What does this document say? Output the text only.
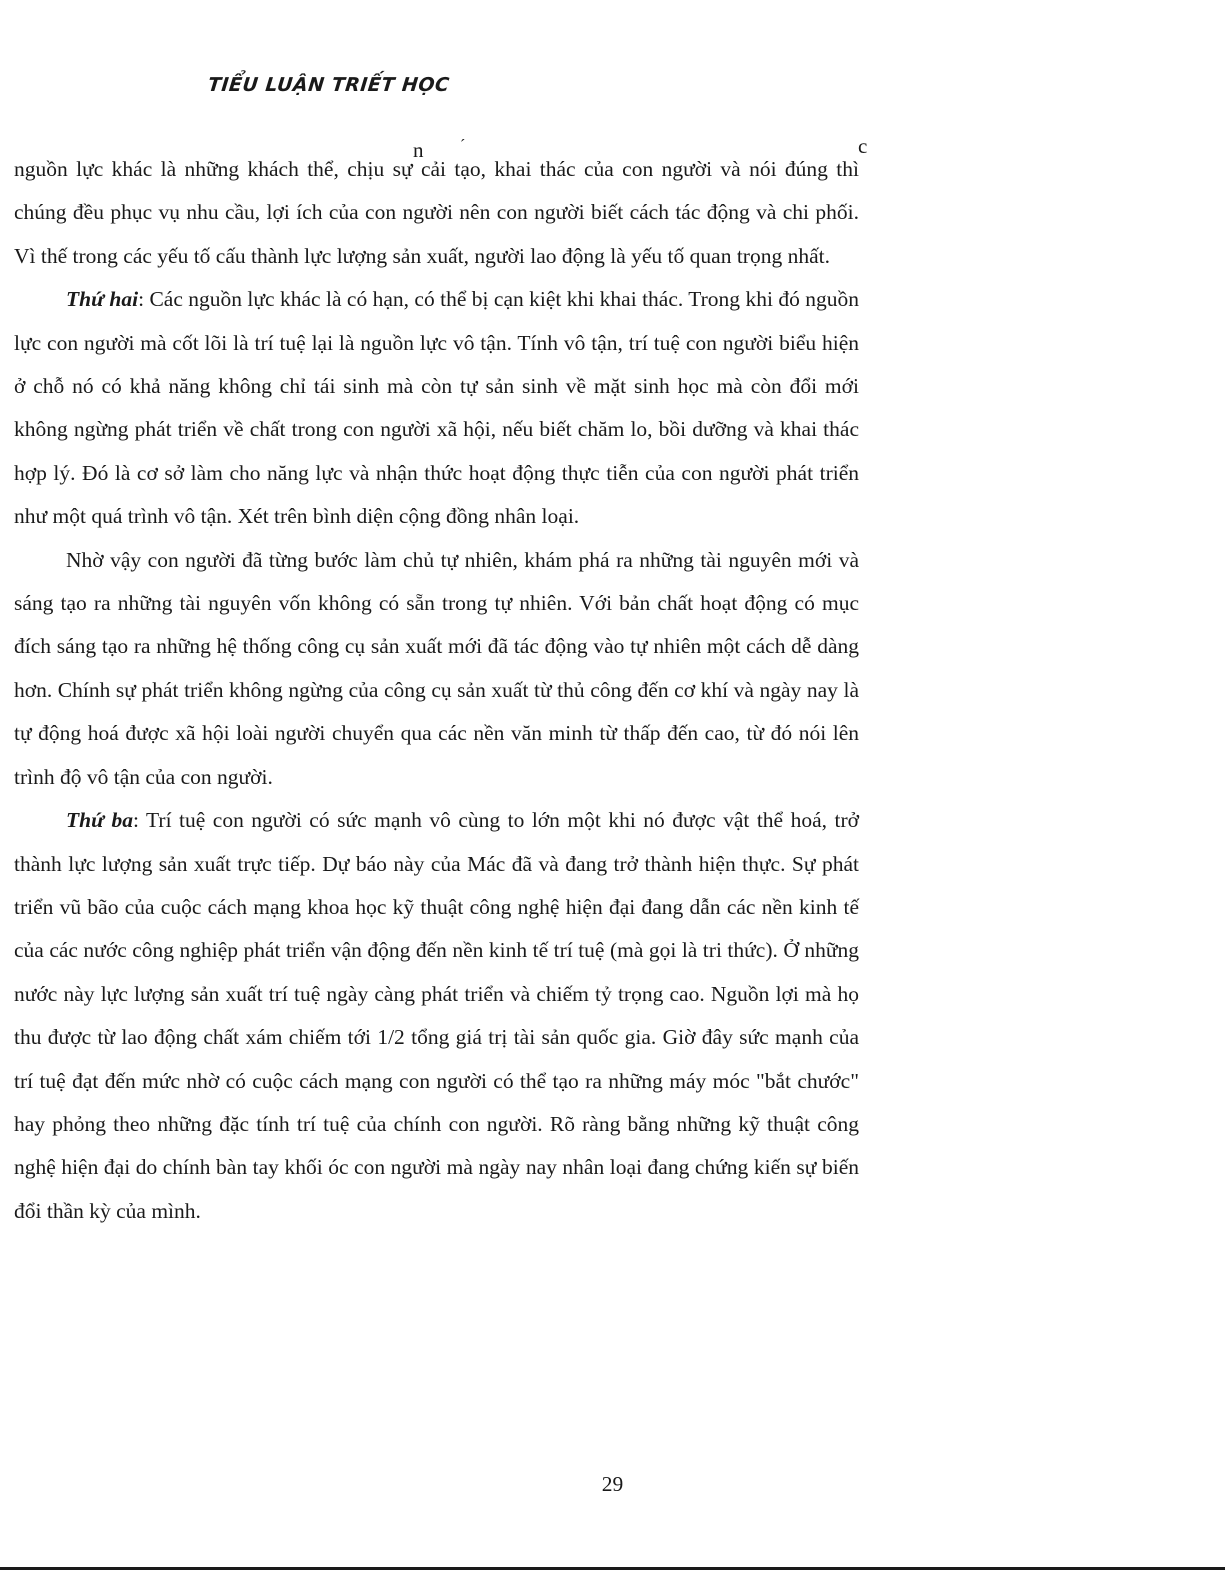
TIỂU LUẬN TRIẾT HỌC
n ´	c

nguồn lực khác là những khách thể, chịu sự cải tạo, khai thác của con người và nói đúng thì chúng đều phục vụ nhu cầu, lợi ích của con người nên con người biết cách tác động và chi phối. Vì thế trong các yếu tố cấu thành lực lượng sản xuất, người lao động là yếu tố quan trọng nhất.

Thứ hai: Các nguồn lực khác là có hạn, có thể bị cạn kiệt khi khai thác. Trong khi đó nguồn lực con người mà cốt lõi là trí tuệ lại là nguồn lực vô tận. Tính vô tận, trí tuệ con người biểu hiện ở chỗ nó có khả năng không chỉ tái sinh mà còn tự sản sinh về mặt sinh học mà còn đổi mới không ngừng phát triển về chất trong con người xã hội, nếu biết chăm lo, bồi dưỡng và khai thác hợp lý. Đó là cơ sở làm cho năng lực và nhận thức hoạt động thực tiễn của con người phát triển như một quá trình vô tận. Xét trên bình diện cộng đồng nhân loại.

Nhờ vậy con người đã từng bước làm chủ tự nhiên, khám phá ra những tài nguyên mới và sáng tạo ra những tài nguyên vốn không có sẵn trong tự nhiên. Với bản chất hoạt động có mục đích sáng tạo ra những hệ thống công cụ sản xuất mới đã tác động vào tự nhiên một cách dễ dàng hơn. Chính sự phát triển không ngừng của công cụ sản xuất từ thủ công đến cơ khí và ngày nay là tự động hoá được xã hội loài người chuyển qua các nền văn minh từ thấp đến cao, từ đó nói lên trình độ vô tận của con người.

Thứ ba: Trí tuệ con người có sức mạnh vô cùng to lớn một khi nó được vật thể hoá, trở thành lực lượng sản xuất trực tiếp. Dự báo này của Mác đã và đang trở thành hiện thực. Sự phát triển vũ bão của cuộc cách mạng khoa học kỹ thuật công nghệ hiện đại đang dẫn các nền kinh tế của các nước công nghiệp phát triển vận động đến nền kinh tế trí tuệ (mà gọi là tri thức). Ở những nước này lực lượng sản xuất trí tuệ ngày càng phát triển và chiếm tỷ trọng cao. Nguồn lợi mà họ thu được từ lao động chất xám chiếm tới 1/2 tổng giá trị tài sản quốc gia. Giờ đây sức mạnh của trí tuệ đạt đến mức nhờ có cuộc cách mạng con người có thể tạo ra những máy móc "bắt chước" hay phỏng theo những đặc tính trí tuệ của chính con người. Rõ ràng bằng những kỹ thuật công nghệ hiện đại do chính bàn tay khối óc con người mà ngày nay nhân loại đang chứng kiến sự biến đổi thần kỳ của mình.

29
